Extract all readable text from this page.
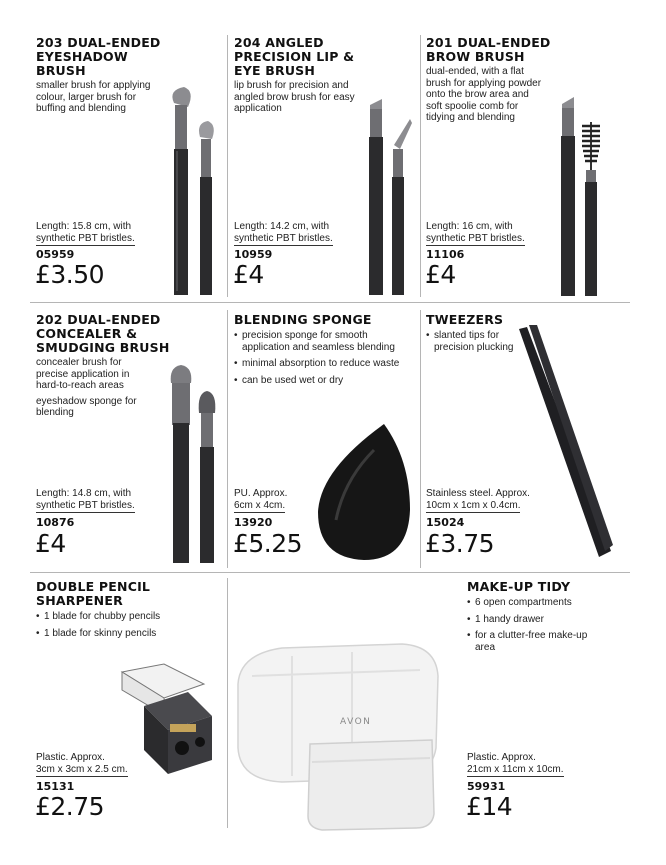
203 DUAL-ENDED EYESHADOW BRUSH

smaller brush for applying colour, larger brush for buffing and blending

Length: 15.8 cm, with
synthetic PBT bristles.
05959
£3.50
204 ANGLED PRECISION LIP & EYE BRUSH

lip brush for precision and angled brow brush for easy application

Length: 14.2 cm, with
synthetic PBT bristles.
10959
£4
201 DUAL-ENDED BROW BRUSH

dual-ended, with a flat brush for applying powder onto the brow area and soft spoolie comb for tidying and blending

Length: 16 cm, with
synthetic PBT bristles.
11106
£4
202 DUAL-ENDED CONCEALER & SMUDGING BRUSH

concealer brush for precise application in hard-to-reach areas

eyeshadow sponge for blending

Length: 14.8 cm, with
synthetic PBT bristles.
10876
£4
BLENDING SPONGE
• precision sponge for smooth application and seamless blending
• minimal absorption to reduce waste
• can be used wet or dry
PU. Approx.
6cm x 4cm.
13920
£5.25
TWEEZERS
• slanted tips for precision plucking
Stainless steel. Approx.
10cm x 1cm x 0.4cm.
15024
£3.75
DOUBLE PENCIL SHARPENER
• 1 blade for chubby pencils
• 1 blade for skinny pencils
Plastic. Approx.
3cm x 3cm x 2.5 cm.
15131
£2.75
MAKE-UP TIDY
• 6 open compartments
• 1 handy drawer
• for a clutter-free make-up area
Plastic. Approx.
21cm x 11cm x 10cm.
59931
£14
AVON
